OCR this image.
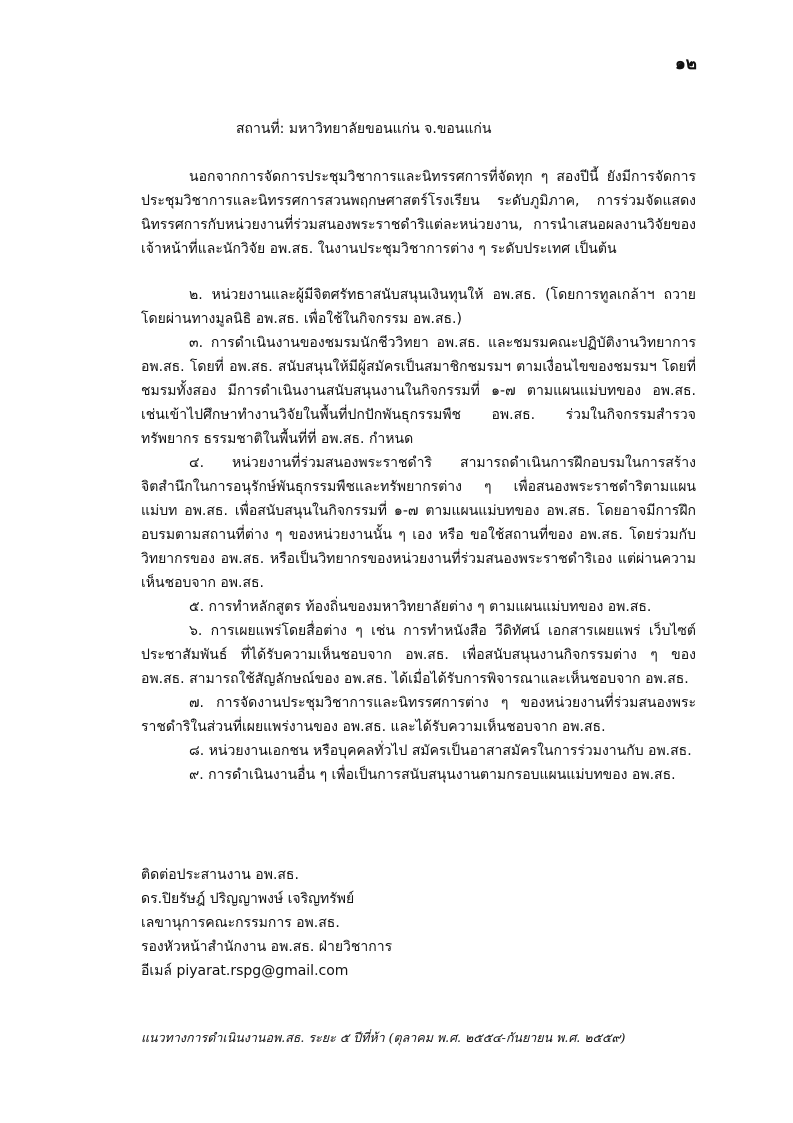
๑๒
สถานที่: มหาวิทยาลัยขอนแก่น จ.ขอนแก่น

นอกจากการจัดการประชุมวิชาการและนิทรรศการที่จัดทุก ๆ สองปีนี้ ยังมีการจัดการประชุมวิชาการและนิทรรศการสวนพฤกษศาสตร์โรงเรียน ระดับภูมิภาค, การร่วมจัดแสดงนิทรรศการกับหน่วยงานที่ร่วมสนองพระราชดำริแต่ละหน่วยงาน, การนำเสนอผลงานวิจัยของเจ้าหน้าที่และนักวิจัย อพ.สธ. ในงานประชุมวิชาการต่าง ๆ ระดับประเทศ เป็นต้น

๒. หน่วยงานและผู้มีจิตศรัทธาสนับสนุนเงินทุนให้ อพ.สธ. (โดยการทูลเกล้าฯ ถวาย โดยผ่านทางมูลนิธิ อพ.สธ. เพื่อใช้ในกิจกรรม อพ.สธ.)

๓. การดำเนินงานของชมรมนักชีววิทยา อพ.สธ. และชมรมคณะปฏิบัติงานวิทยาการ อพ.สธ. โดยที่ อพ.สธ. สนับสนุนให้มีผู้สมัครเป็นสมาชิกชมรมฯ ตามเงื่อนไขของชมรมฯ โดยที่ชมรมทั้งสอง มีการดำเนินงานสนับสนุนงานในกิจกรรมที่ ๑-๗ ตามแผนแม่บทของ อพ.สธ. เช่นเข้าไปศึกษาทำงานวิจัยในพื้นที่ปกปักพันธุกรรมพืช อพ.สธ. ร่วมในกิจกรรมสำรวจทรัพยากร ธรรมชาติในพื้นที่ที่ อพ.สธ. กำหนด

๔. หน่วยงานที่ร่วมสนองพระราชดำริ สามารถดำเนินการฝึกอบรมในการสร้างจิตสำนึกในการอนุรักษ์พันธุกรรมพืชและทรัพยากรต่าง ๆ เพื่อสนองพระราชดำริตามแผนแม่บท อพ.สธ. เพื่อสนับสนุนในกิจกรรมที่ ๑-๗ ตามแผนแม่บทของ อพ.สธ. โดยอาจมีการฝึกอบรมตามสถานที่ต่าง ๆ ของหน่วยงานนั้น ๆ เอง หรือ ขอใช้สถานที่ของ อพ.สธ. โดยร่วมกับวิทยากรของ อพ.สธ. หรือเป็นวิทยากรของหน่วยงานที่ร่วมสนองพระราชดำริเอง แต่ผ่านความเห็นชอบจาก อพ.สธ.

๕. การทำหลักสูตร ท้องถิ่นของมหาวิทยาลัยต่าง ๆ ตามแผนแม่บทของ อพ.สธ.

๖. การเผยแพร่โดยสื่อต่าง ๆ เช่น การทำหนังสือ วีดิทัศน์ เอกสารเผยแพร่ เว็บไซต์ประชาสัมพันธ์ ที่ได้รับความเห็นชอบจาก อพ.สธ. เพื่อสนับสนุนงานกิจกรรมต่าง ๆ ของ อพ.สธ. สามารถใช้สัญลักษณ์ของ อพ.สธ. ได้เมื่อได้รับการพิจารณาและเห็นชอบจาก อพ.สธ.

๗. การจัดงานประชุมวิชาการและนิทรรศการต่าง ๆ ของหน่วยงานที่ร่วมสนองพระราชดำริในส่วนที่เผยแพร่งานของ อพ.สธ. และได้รับความเห็นชอบจาก อพ.สธ.

๘. หน่วยงานเอกชน หรือบุคคลทั่วไป สมัครเป็นอาสาสมัครในการร่วมงานกับ อพ.สธ.

๙. การดำเนินงานอื่น ๆ เพื่อเป็นการสนับสนุนงานตามกรอบแผนแม่บทของ อพ.สธ.

ติดต่อประสานงาน อพ.สธ.
ดร.ปิยรัษฎ์ ปริญญาพงษ์ เจริญทรัพย์
เลขานุการคณะกรรมการ อพ.สธ.
รองหัวหน้าสำนักงาน อพ.สธ. ฝ่ายวิชาการ
อีเมล์ piyarat.rspg@gmail.com
แนวทางการดำเนินงานอพ.สธ. ระยะ ๕ ปีที่ห้า (ตุลาคม พ.ศ. ๒๕๕๔-กันยายน พ.ศ. ๒๕๕๙)
